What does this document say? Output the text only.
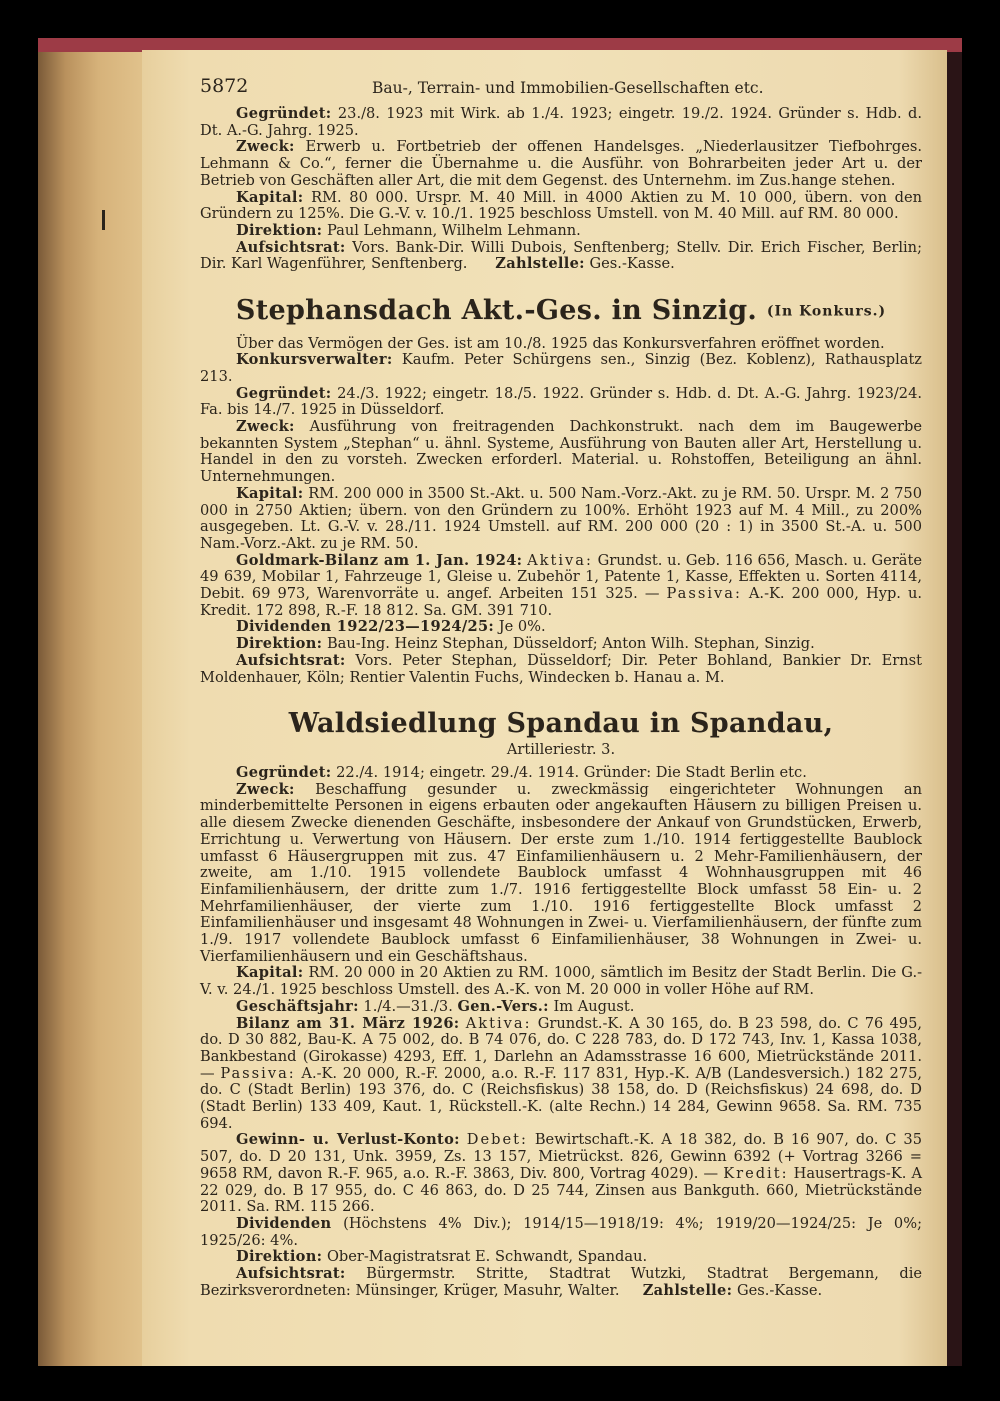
5872	Bau-, Terrain- und Immobilien-Gesellschaften etc.

Gegründet: 23./8. 1923 mit Wirk. ab 1./4. 1923; eingetr. 19./2. 1924. Gründer s. Hdb. d. Dt. A.-G. Jahrg. 1925.

Zweck: Erwerb u. Fortbetrieb der offenen Handelsges. „Niederlausitzer Tiefbohrges. Lehmann & Co.“, ferner die Übernahme u. die Ausführ. von Bohrarbeiten jeder Art u. der Betrieb von Geschäften aller Art, die mit dem Gegenst. des Unternehm. im Zus.hange stehen.

Kapital: RM. 80 000. Urspr. M. 40 Mill. in 4000 Aktien zu M. 10 000, übern. von den Gründern zu 125%. Die G.-V. v. 10./1. 1925 beschloss Umstell. von M. 40 Mill. auf RM. 80 000.

Direktion: Paul Lehmann, Wilhelm Lehmann.

Aufsichtsrat: Vors. Bank-Dir. Willi Dubois, Senftenberg; Stellv. Dir. Erich Fischer, Berlin; Dir. Karl Wagenführer, Senftenberg. Zahlstelle: Ges.-Kasse.

Stephansdach Akt.-Ges. in Sinzig. (In Konkurs.)

Über das Vermögen der Ges. ist am 10./8. 1925 das Konkursverfahren eröffnet worden.

Konkursverwalter: Kaufm. Peter Schürgens sen., Sinzig (Bez. Koblenz), Rathausplatz 213.

Gegründet: 24./3. 1922; eingetr. 18./5. 1922. Gründer s. Hdb. d. Dt. A.-G. Jahrg. 1923/24. Fa. bis 14./7. 1925 in Düsseldorf.

Zweck: Ausführung von freitragenden Dachkonstrukt. nach dem im Baugewerbe bekannten System „Stephan“ u. ähnl. Systeme, Ausführung von Bauten aller Art, Herstellung u. Handel in den zu vorsteh. Zwecken erforderl. Material. u. Rohstoffen, Beteiligung an ähnl. Unternehmungen.

Kapital: RM. 200 000 in 3500 St.-Akt. u. 500 Nam.-Vorz.-Akt. zu je RM. 50. Urspr. M. 2 750 000 in 2750 Aktien; übern. von den Gründern zu 100%. Erhöht 1923 auf M. 4 Mill., zu 200% ausgegeben. Lt. G.-V. v. 28./11. 1924 Umstell. auf RM. 200 000 (20 : 1) in 3500 St.-A. u. 500 Nam.-Vorz.-Akt. zu je RM. 50.

Goldmark-Bilanz am 1. Jan. 1924: Aktiva: Grundst. u. Geb. 116 656, Masch. u. Geräte 49 639, Mobilar 1, Fahrzeuge 1, Gleise u. Zubehör 1, Patente 1, Kasse, Effekten u. Sorten 4114, Debit. 69 973, Warenvorräte u. angef. Arbeiten 151 325. — Passiva: A.-K. 200 000, Hyp. u. Kredit. 172 898, R.-F. 18 812. Sa. GM. 391 710.

Dividenden 1922/23—1924/25: Je 0%.

Direktion: Bau-Ing. Heinz Stephan, Düsseldorf; Anton Wilh. Stephan, Sinzig.

Aufsichtsrat: Vors. Peter Stephan, Düsseldorf; Dir. Peter Bohland, Bankier Dr. Ernst Moldenhauer, Köln; Rentier Valentin Fuchs, Windecken b. Hanau a. M.

Waldsiedlung Spandau in Spandau,
Artilleriestr. 3.

Gegründet: 22./4. 1914; eingetr. 29./4. 1914. Gründer: Die Stadt Berlin etc.

Zweck: Beschaffung gesunder u. zweckmässig eingerichteter Wohnungen an minderbemittelte Personen in eigens erbauten oder angekauften Häusern zu billigen Preisen u. alle diesem Zwecke dienenden Geschäfte, insbesondere der Ankauf von Grundstücken, Erwerb, Errichtung u. Verwertung von Häusern. Der erste zum 1./10. 1914 fertiggestellte Baublock umfasst 6 Häusergruppen mit zus. 47 Einfamilienhäusern u. 2 Mehr-Familienhäusern, der zweite, am 1./10. 1915 vollendete Baublock umfasst 4 Wohnhausgruppen mit 46 Einfamilienhäusern, der dritte zum 1./7. 1916 fertiggestellte Block umfasst 58 Ein- u. 2 Mehrfamilienhäuser, der vierte zum 1./10. 1916 fertiggestellte Block umfasst 2 Einfamilienhäuser und insgesamt 48 Wohnungen in Zwei- u. Vierfamilienhäusern, der fünfte zum 1./9. 1917 vollendete Baublock umfasst 6 Einfamilienhäuser, 38 Wohnungen in Zwei- u. Vierfamilienhäusern und ein Geschäftshaus.

Kapital: RM. 20 000 in 20 Aktien zu RM. 1000, sämtlich im Besitz der Stadt Berlin. Die G.-V. v. 24./1. 1925 beschloss Umstell. des A.-K. von M. 20 000 in voller Höhe auf RM.

Geschäftsjahr: 1./4.—31./3. Gen.-Vers.: Im August.

Bilanz am 31. März 1926: Aktiva: Grundst.-K. A 30 165, do. B 23 598, do. C 76 495, do. D 30 882, Bau-K. A 75 002, do. B 74 076, do. C 228 783, do. D 172 743, Inv. 1, Kassa 1038, Bankbestand (Girokasse) 4293, Eff. 1, Darlehn an Adamsstrasse 16 600, Mietrückstände 2011. — Passiva: A.-K. 20 000, R.-F. 2000, a.o. R.-F. 117 831, Hyp.-K. A/B (Landesversich.) 182 275, do. C (Stadt Berlin) 193 376, do. C (Reichsfiskus) 38 158, do. D (Reichsfiskus) 24 698, do. D (Stadt Berlin) 133 409, Kaut. 1, Rückstell.-K. (alte Rechn.) 14 284, Gewinn 9658. Sa. RM. 735 694.

Gewinn- u. Verlust-Konto: Debet: Bewirtschaft.-K. A 18 382, do. B 16 907, do. C 35 507, do. D 20 131, Unk. 3959, Zs. 13 157, Mietrückst. 826, Gewinn 6392 (+ Vortrag 3266 = 9658 RM, davon R.-F. 965, a.o. R.-F. 3863, Div. 800, Vortrag 4029). — Kredit: Hausertrags-K. A 22 029, do. B 17 955, do. C 46 863, do. D 25 744, Zinsen aus Bankguth. 660, Mietrückstände 2011. Sa. RM. 115 266.

Dividenden (Höchstens 4% Div.); 1914/15—1918/19: 4%; 1919/20—1924/25: Je 0%; 1925/26: 4%.

Direktion: Ober-Magistratsrat E. Schwandt, Spandau.

Aufsichtsrat: Bürgermstr. Stritte, Stadtrat Wutzki, Stadtrat Bergemann, die Bezirksverordneten: Münsinger, Krüger, Masuhr, Walter. Zahlstelle: Ges.-Kasse.
